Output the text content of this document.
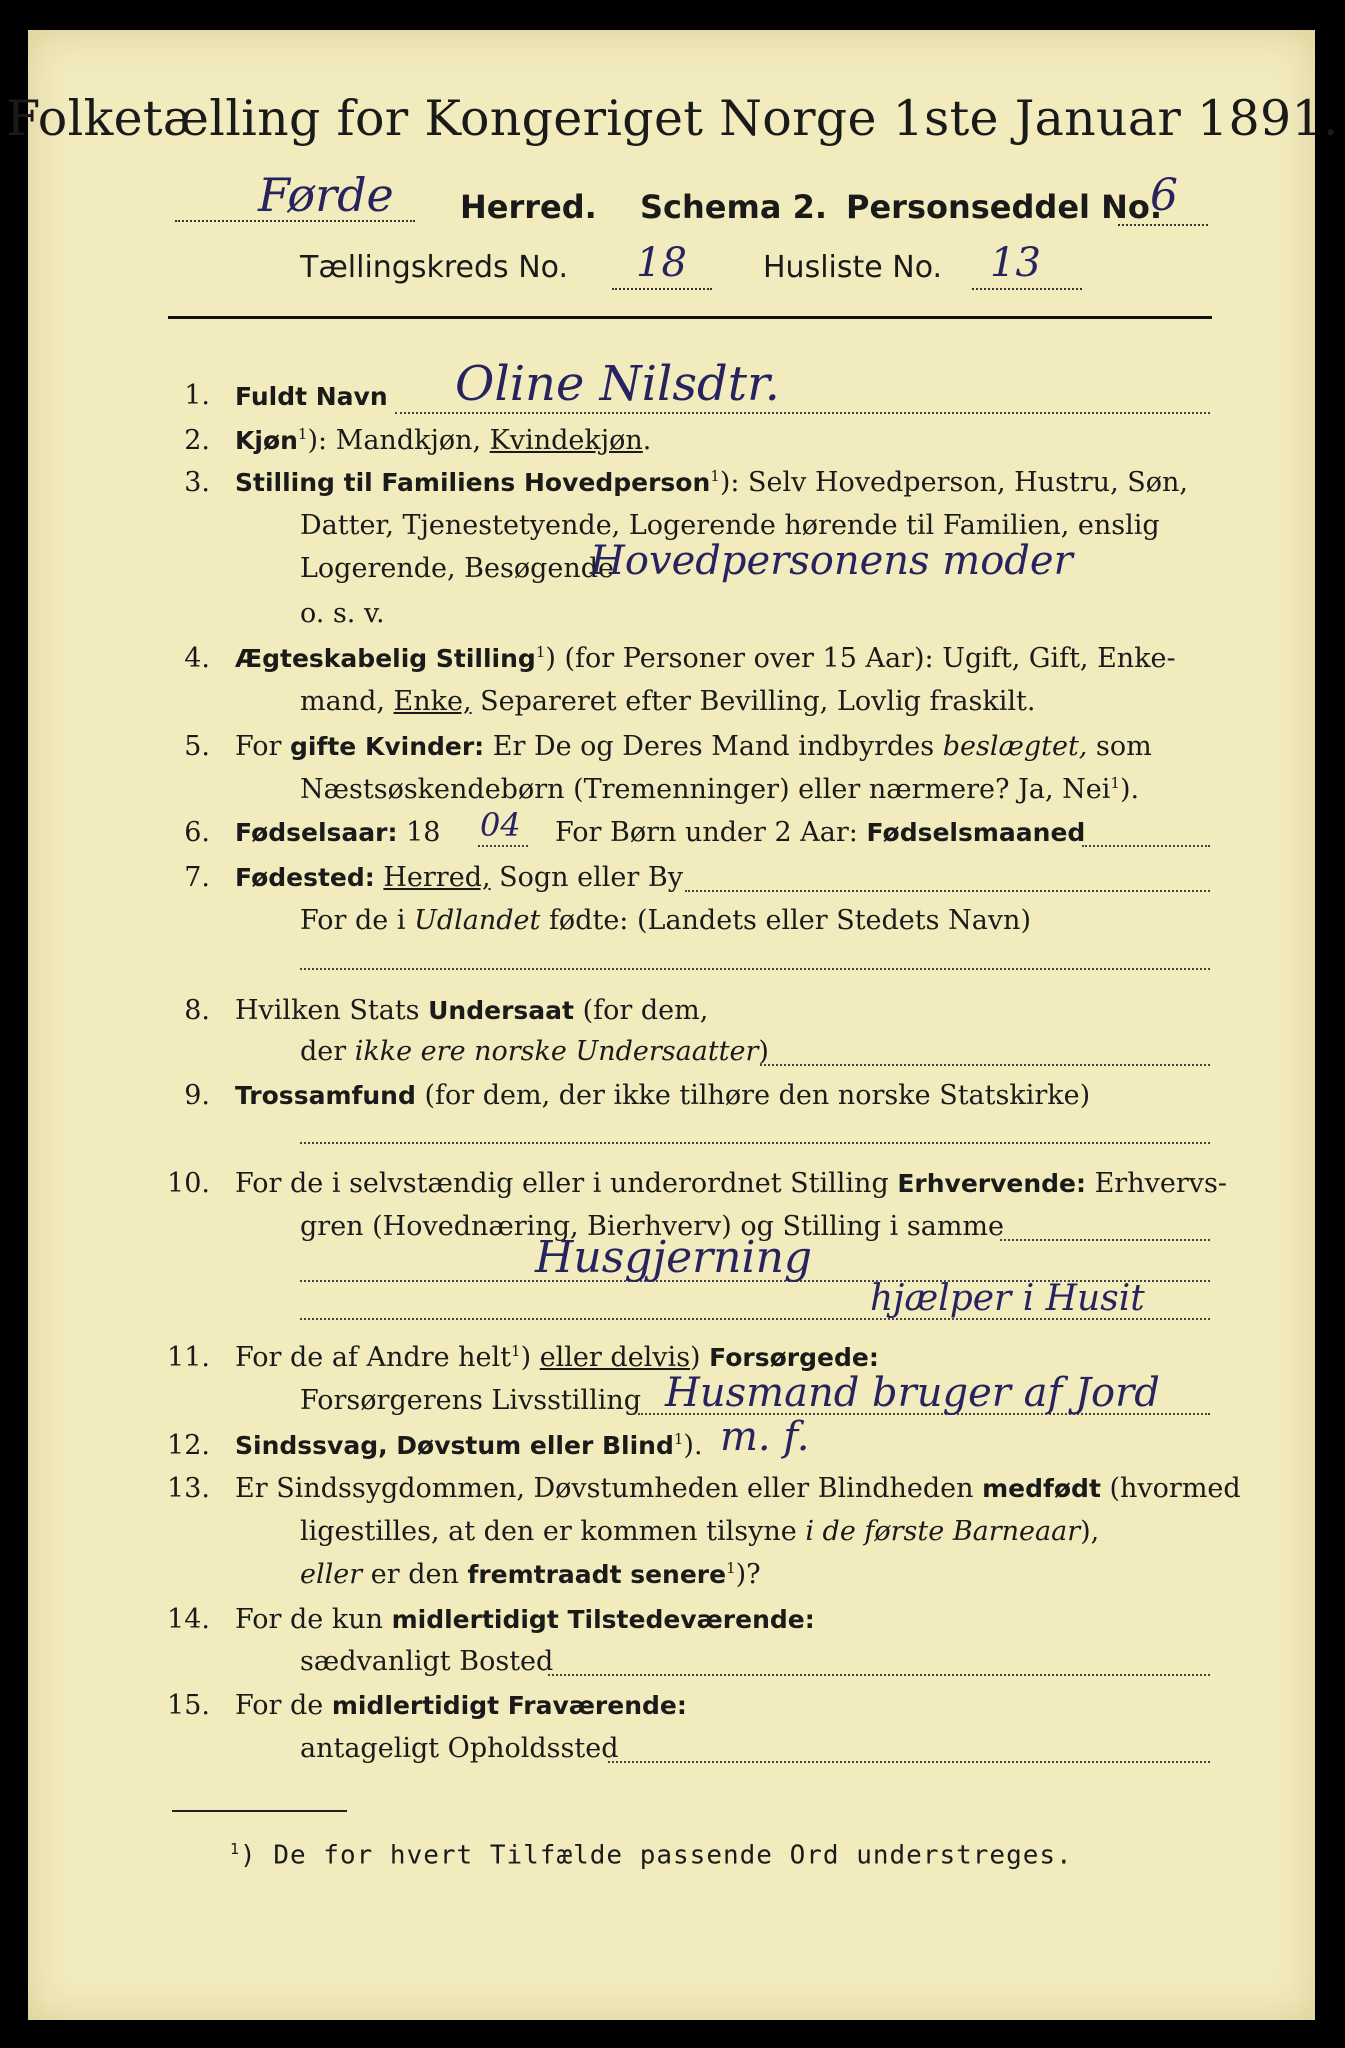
Folketælling for Kongeriget Norge 1ste Januar 1891.
Førde Herred. Schema 2. Personseddel No.
6
Tællingskreds No. 18	Husliste No. 13
1. Fuldt Navn Oline Nilsdtr.
2. Kjøn$^1$): Mandkjøn, Kvindekjøn.
3. Stilling til Familiens Hovedperson$^1$): Selv Hovedperson, Hustru, Søn,
Datter, Tjenestetyende, Logerende hørende til Familien, enslig
Logerende, Besøgende
Hovedpersonens moder
o. s. v.
4. Ægteskabelig Stilling$^1$) (for Personer over 15 Aar): Ugift, Gift, Enke-
mand, Enke, Separeret efter Bevilling, Lovlig fraskilt.
5. For gifte Kvinder: Er De og Deres Mand indbyrdes beslægtet, som
Næstsøskendebørn (Tremenninger) eller nærmere? Ja, Nei$^1$).
6. Fødselsaar: 18 04 For Børn under 2 Aar: Fødselsmaaned
7. Fødested: Herred, Sogn eller By
For de i Udlandet fødte: (Landets eller Stedets Navn)
8. Hvilken Stats Undersaat (for dem,
der ikke ere norske Undersaatter)
9. Trossamfund (for dem, der ikke tilhøre den norske Statskirke)
10. For de i selvstændig eller i underordnet Stilling Erhvervende: Erhvervs-
gren (Hovednæring, Bierhverv) og Stilling i samme
Husgjerning
hjælper i Husit
11. For de af Andre helt$^1$) eller delvis) Forsørgede:
Forsørgerens Livsstilling Husmand bruger af Jord
12. Sindssvag, Døvstum eller Blind$^1$). m. f.
13. Er Sindssygdommen, Døvstumheden eller Blindheden medfødt (hvormed
ligestilles, at den er kommen tilsyne i de første Barneaar),
eller er den fremtraadt senere$^1$)?
14. For de kun midlertidigt Tilstedeværende:
sædvanligt Bosted
15. For de midlertidigt Fraværende:
antageligt Opholdssted
$^1$) De for hvert Tilfælde passende Ord understreges.
